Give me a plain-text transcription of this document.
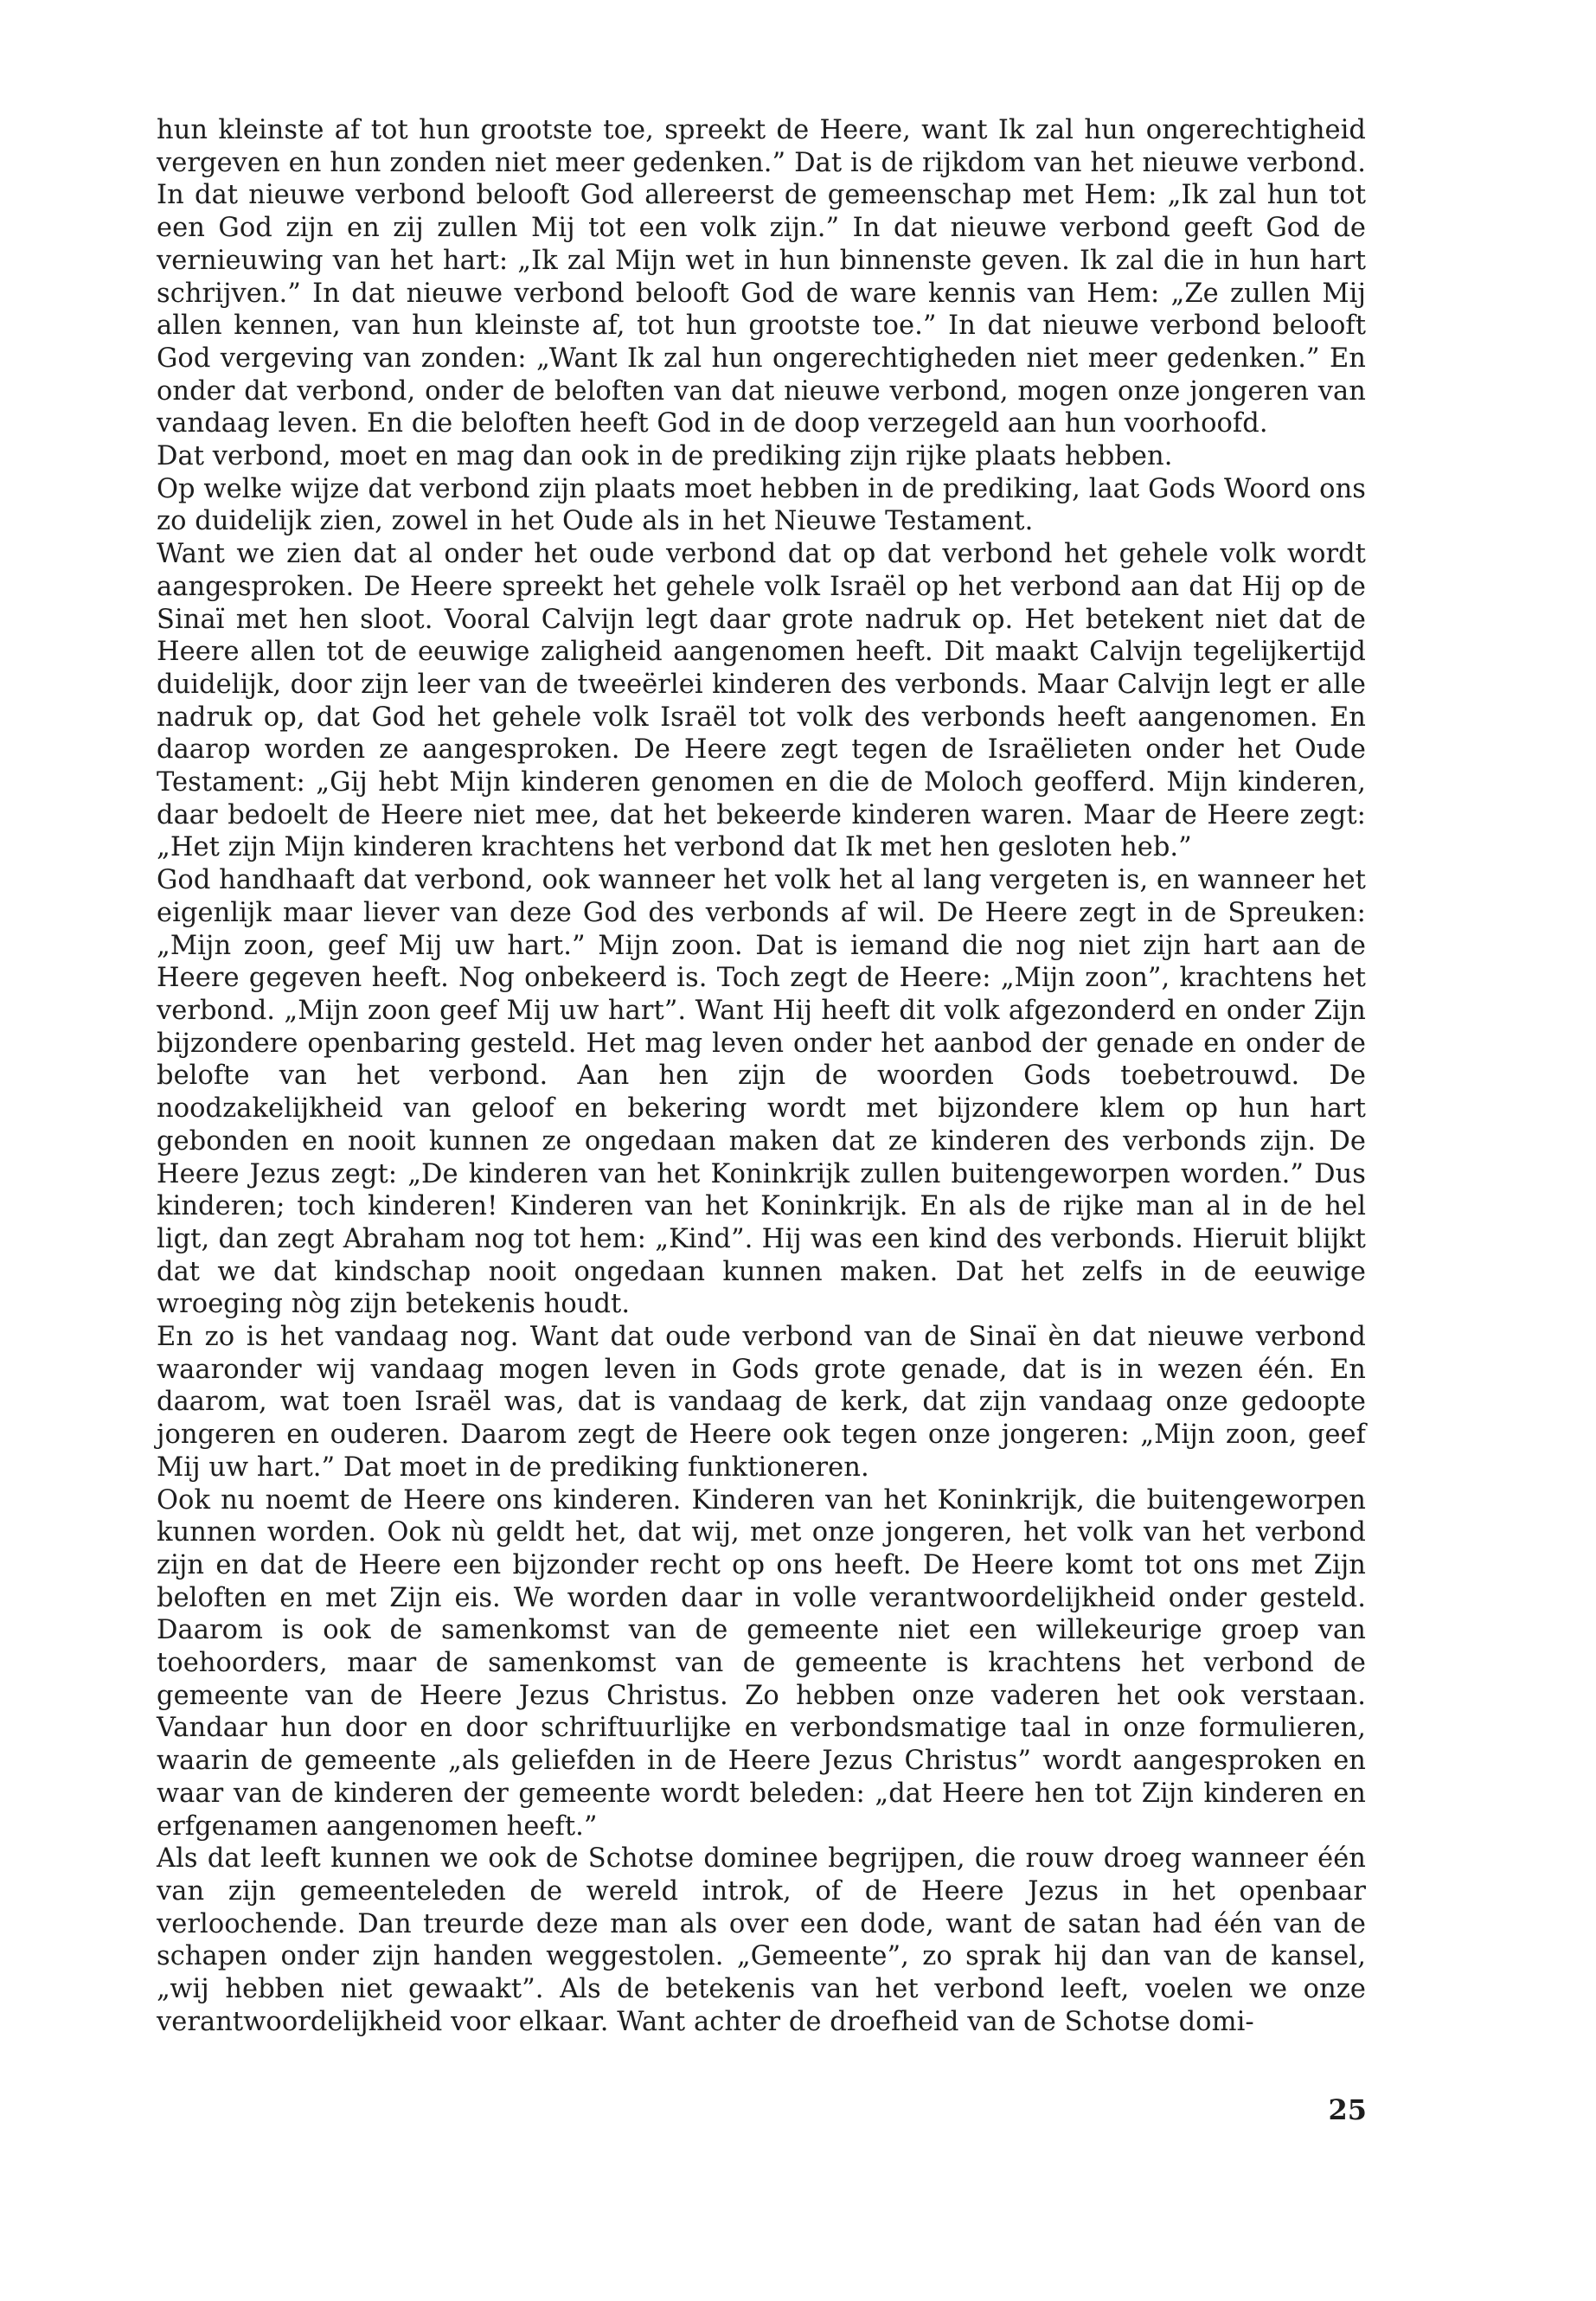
hun kleinste af tot hun grootste toe, spreekt de Heere, want Ik zal hun ongerechtigheid vergeven en hun zonden niet meer gedenken.” Dat is de rijkdom van het nieuwe verbond. In dat nieuwe verbond belooft God allereerst de gemeenschap met Hem: „Ik zal hun tot een God zijn en zij zullen Mij tot een volk zijn.” In dat nieuwe verbond geeft God de vernieuwing van het hart: „Ik zal Mijn wet in hun binnenste geven. Ik zal die in hun hart schrijven.” In dat nieuwe verbond belooft God de ware kennis van Hem: „Ze zullen Mij allen kennen, van hun kleinste af, tot hun grootste toe.” In dat nieuwe verbond belooft God vergeving van zonden: „Want Ik zal hun ongerechtigheden niet meer gedenken.” En onder dat verbond, onder de beloften van dat nieuwe verbond, mogen onze jongeren van vandaag leven. En die beloften heeft God in de doop verzegeld aan hun voorhoofd.

Dat verbond, moet en mag dan ook in de prediking zijn rijke plaats hebben.

Op welke wijze dat verbond zijn plaats moet hebben in de prediking, laat Gods Woord ons zo duidelijk zien, zowel in het Oude als in het Nieuwe Testament.

Want we zien dat al onder het oude verbond dat op dat verbond het gehele volk wordt aangesproken. De Heere spreekt het gehele volk Israël op het verbond aan dat Hij op de Sinaï met hen sloot. Vooral Calvijn legt daar grote nadruk op. Het betekent niet dat de Heere allen tot de eeuwige zaligheid aangenomen heeft. Dit maakt Calvijn tegelijkertijd duidelijk, door zijn leer van de tweeërlei kinderen des verbonds. Maar Calvijn legt er alle nadruk op, dat God het gehele volk Israël tot volk des verbonds heeft aangenomen. En daarop worden ze aangesproken. De Heere zegt tegen de Israëlieten onder het Oude Testament: „Gij hebt Mijn kinderen genomen en die de Moloch geofferd. Mijn kinderen, daar bedoelt de Heere niet mee, dat het bekeerde kinderen waren. Maar de Heere zegt: „Het zijn Mijn kinderen krachtens het verbond dat Ik met hen gesloten heb.”

God handhaaft dat verbond, ook wanneer het volk het al lang vergeten is, en wanneer het eigenlijk maar liever van deze God des verbonds af wil. De Heere zegt in de Spreuken: „Mijn zoon, geef Mij uw hart.” Mijn zoon. Dat is iemand die nog niet zijn hart aan de Heere gegeven heeft. Nog onbekeerd is. Toch zegt de Heere: „Mijn zoon”, krachtens het verbond. „Mijn zoon geef Mij uw hart”. Want Hij heeft dit volk afgezonderd en onder Zijn bijzondere openbaring gesteld. Het mag leven onder het aanbod der genade en onder de belofte van het verbond. Aan hen zijn de woorden Gods toebetrouwd. De noodzakelijkheid van geloof en bekering wordt met bijzondere klem op hun hart gebonden en nooit kunnen ze ongedaan maken dat ze kinderen des verbonds zijn. De Heere Jezus zegt: „De kinderen van het Koninkrijk zullen buitengeworpen worden.” Dus kinderen; toch kinderen! Kinderen van het Koninkrijk. En als de rijke man al in de hel ligt, dan zegt Abraham nog tot hem: „Kind”. Hij was een kind des verbonds. Hieruit blijkt dat we dat kindschap nooit ongedaan kunnen maken. Dat het zelfs in de eeuwige wroeging nòg zijn betekenis houdt.

En zo is het vandaag nog. Want dat oude verbond van de Sinaï èn dat nieuwe verbond waaronder wij vandaag mogen leven in Gods grote genade, dat is in wezen één. En daarom, wat toen Israël was, dat is vandaag de kerk, dat zijn vandaag onze gedoopte jongeren en ouderen. Daarom zegt de Heere ook tegen onze jongeren: „Mijn zoon, geef Mij uw hart.” Dat moet in de prediking funktioneren.

Ook nu noemt de Heere ons kinderen. Kinderen van het Koninkrijk, die buitengeworpen kunnen worden. Ook nù geldt het, dat wij, met onze jongeren, het volk van het verbond zijn en dat de Heere een bijzonder recht op ons heeft. De Heere komt tot ons met Zijn beloften en met Zijn eis. We worden daar in volle verantwoordelijkheid onder gesteld. Daarom is ook de samenkomst van de gemeente niet een willekeurige groep van toehoorders, maar de samenkomst van de gemeente is krachtens het verbond de gemeente van de Heere Jezus Christus. Zo hebben onze vaderen het ook verstaan. Vandaar hun door en door schriftuurlijke en verbondsmatige taal in onze formulieren, waarin de gemeente „als geliefden in de Heere Jezus Christus” wordt aangesproken en waar van de kinderen der gemeente wordt beleden: „dat Heere hen tot Zijn kinderen en erfgenamen aangenomen heeft.”

Als dat leeft kunnen we ook de Schotse dominee begrijpen, die rouw droeg wanneer één van zijn gemeenteleden de wereld introk, of de Heere Jezus in het openbaar verloochende. Dan treurde deze man als over een dode, want de satan had één van de schapen onder zijn handen weggestolen. „Gemeente”, zo sprak hij dan van de kansel, „wij hebben niet gewaakt”. Als de betekenis van het verbond leeft, voelen we onze verantwoordelijkheid voor elkaar. Want achter de droefheid van de Schotse domi-

25
